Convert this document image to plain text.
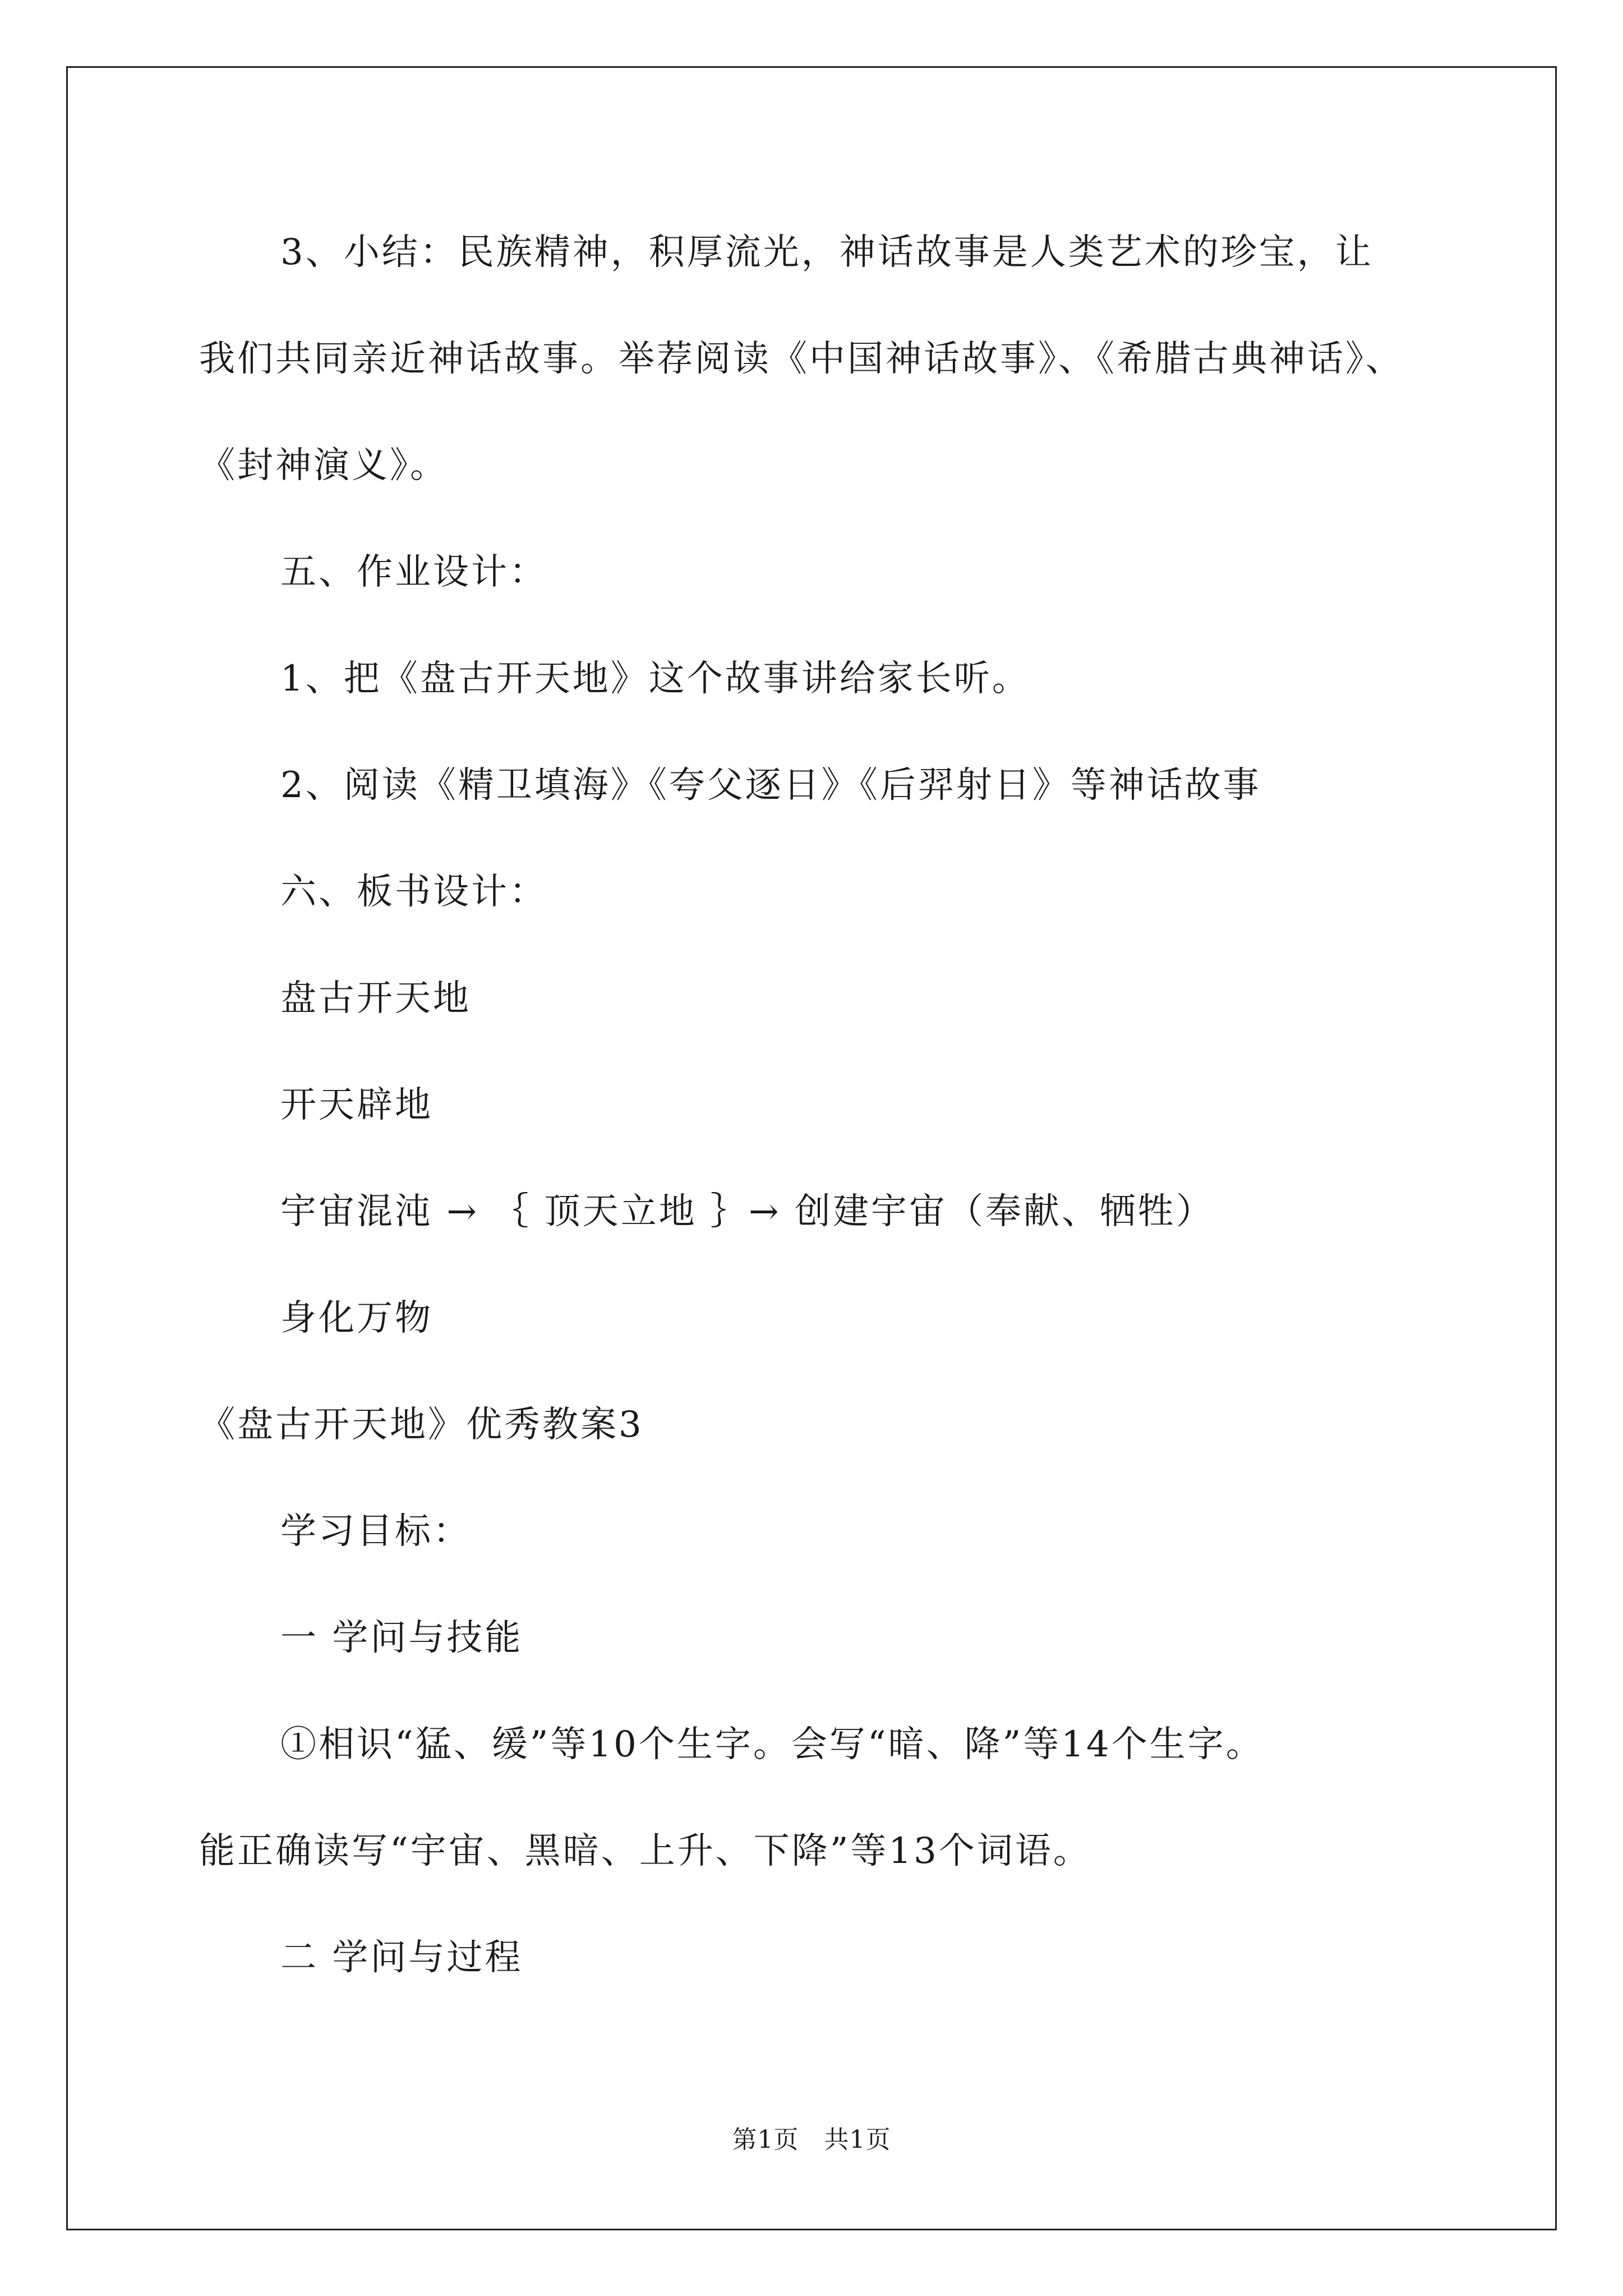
3、小结：民族精神，积厚流光，神话故事是人类艺术的珍宝，让
我们共同亲近神话故事。举荐阅读《中国神话故事》、《希腊古典神话》、
《封神演义》。
五、作业设计：
1、把《盘古开天地》这个故事讲给家长听。
2、阅读《精卫填海》《夸父逐日》《后羿射日》等神话故事
六、板书设计：
盘古开天地
开天辟地
宇宙混沌 → ｛ 顶天立地 ｝→ 创建宇宙（奉献、牺牲）
身化万物
《盘古开天地》优秀教案3
学习目标：
一 学问与技能
①相识“猛、缓”等10个生字。会写“暗、降”等14个生字。
能正确读写“宇宙、黑暗、上升、下降”等13个词语。
二 学问与过程
第1页   共1页
